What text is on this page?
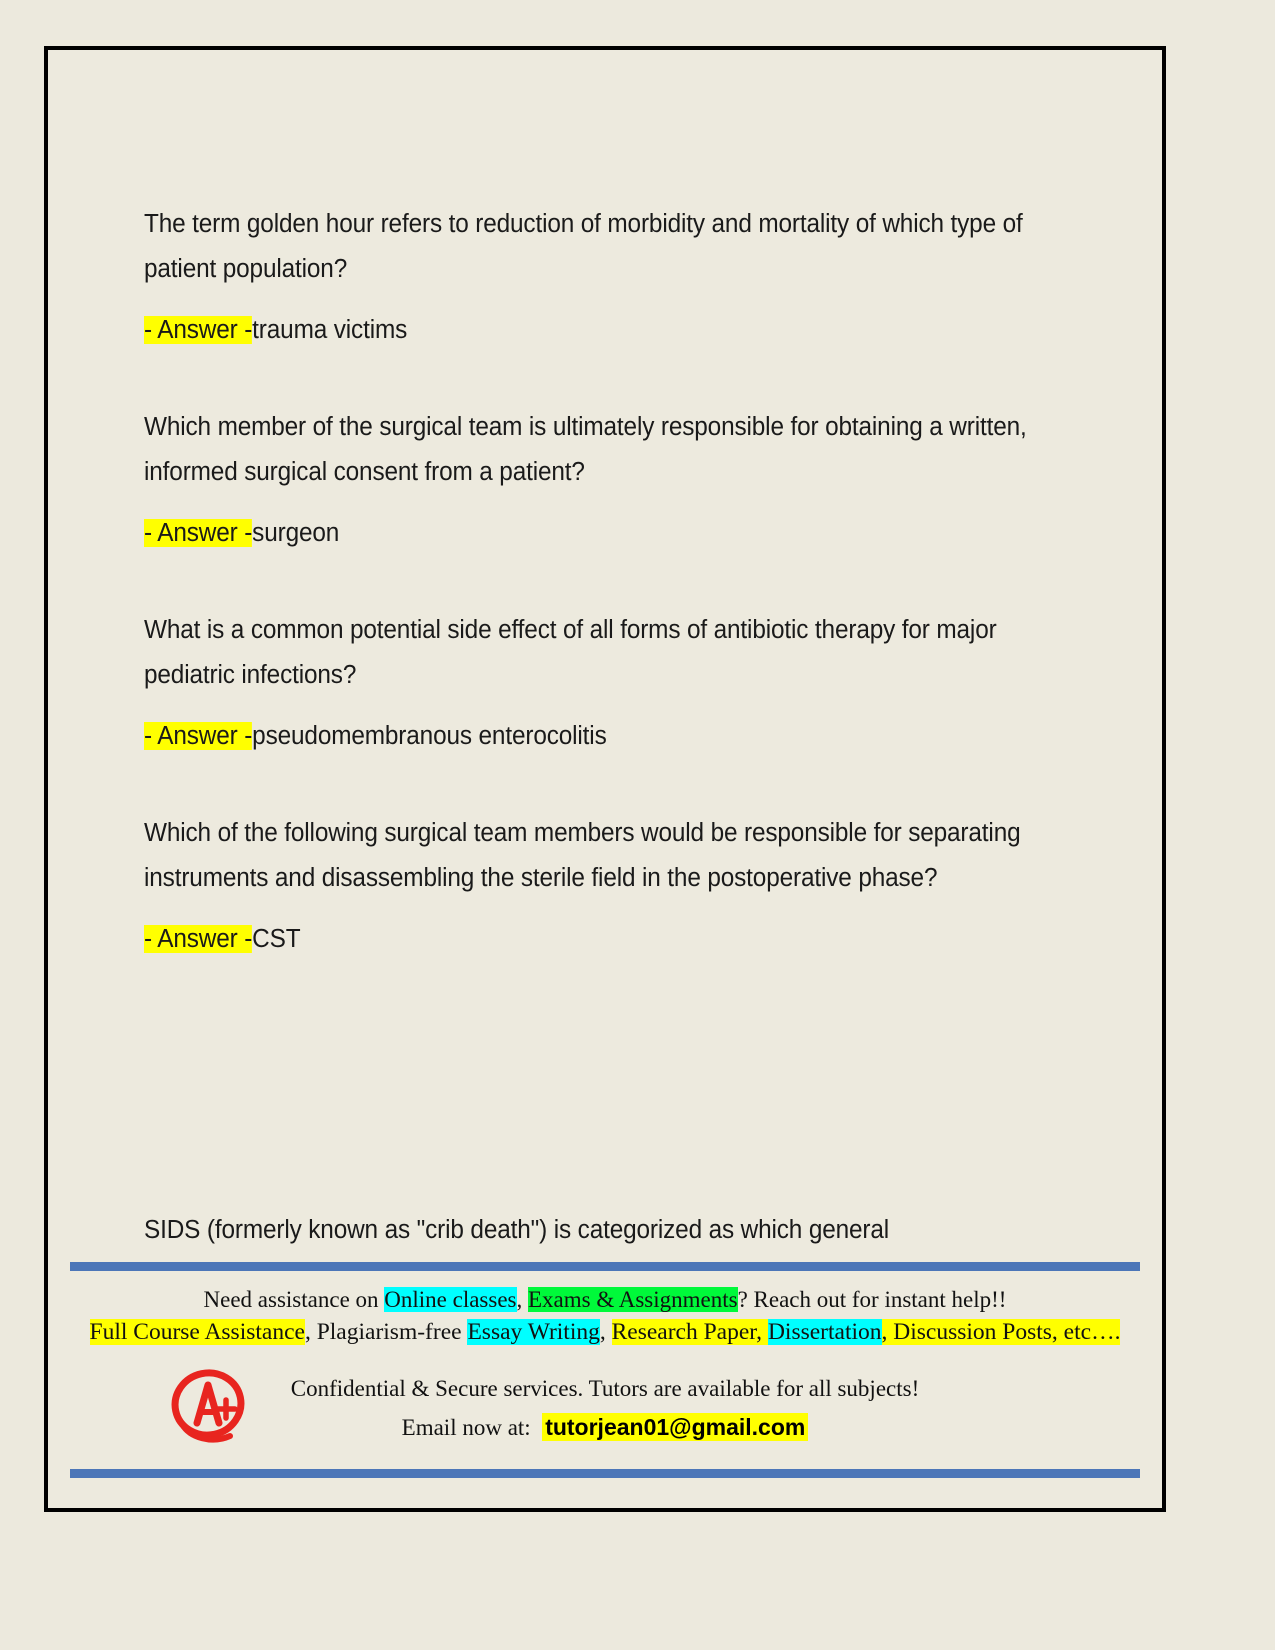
The term golden hour refers to reduction of morbidity and mortality of which type of patient population?
- Answer -trauma victims
Which member of the surgical team is ultimately responsible for obtaining a written, informed surgical consent from a patient?
- Answer -surgeon
What is a common potential side effect of all forms of antibiotic therapy for major pediatric infections?
- Answer -pseudomembranous enterocolitis
Which of the following surgical team members would be responsible for separating instruments and disassembling the sterile field in the postoperative phase?
- Answer -CST
SIDS (formerly known as "crib death") is categorized as which general
Need assistance on Online classes, Exams & Assignments? Reach out for instant help!!
Full Course Assistance, Plagiarism-free Essay Writing, Research Paper, Dissertation, Discussion Posts, etc….
Confidential & Secure services. Tutors are available for all subjects!
Email now at: tutorjean01@gmail.com
